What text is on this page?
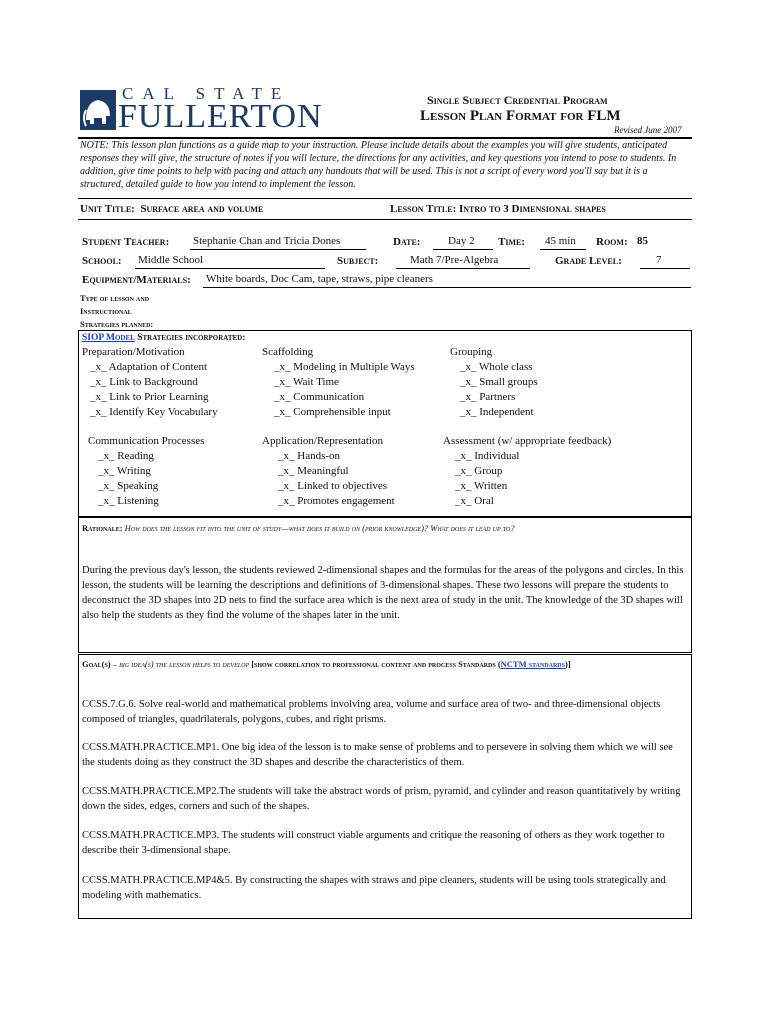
CAL STATE
FULLERTON	Single Subject Credential Program
Lesson Plan Format for FLM
Revised June 2007
NOTE: This lesson plan functions as a guide map to your instruction. Please include details about the examples you will give students, anticipated responses they will give, the structure of notes if you will lecture, the directions for any activities, and key questions you intend to pose to students. In addition, give time points to help with pacing and attach any handouts that will be used. This is not a script of every word you'll say but it is a structured, detailed guide to how you intend to implement the lesson.
Unit Title: Surface area and volume	Lesson Title: Intro to 3 Dimensional shapes
Student Teacher: Stephanie Chan and Tricia Dones	Date:	Day 2 Time: 45 min Room: 85
School: Middle School	Subject:	Math 7/Pre-Algebra	Grade Level:	7
Equipment/Materials: White boards, Doc Cam, tape, straws, pipe cleaners
Type of lesson and
Instructional
Strategies planned:
SIOP Model Strategies incorporated:
Preparation/Motivation
_x_ Adaptation of Content
_x_ Link to Background
_x_ Link to Prior Learning
_x_ Identify Key Vocabulary
Scaffolding
_x_ Modeling in Multiple Ways
_x_ Wait Time
_x_ Communication
_x_ Comprehensible input
Grouping
_x_ Whole class
_x_ Small groups
_x_ Partners
_x_ Independent
Communication Processes
_x_ Reading
_x_ Writing
_x_ Speaking
_x_ Listening
Application/Representation
_x_ Hands-on
_x_ Meaningful
_x_ Linked to objectives
_x_ Promotes engagement
Assessment (w/ appropriate feedback)
_x_ Individual
_x_ Group
_x_ Written
_x_ Oral
Rationale: How does the lesson fit into the unit of study—what does it build on (prior knowledge)? What does it lead up to?
During the previous day's lesson, the students reviewed 2-dimensional shapes and the formulas for the areas of the polygons and circles. In this lesson, the students will be learning the descriptions and definitions of 3-dimensional shapes. These two lessons will prepare the students to deconstruct the 3D shapes into 2D nets to find the surface area which is the next area of study in the unit. The knowledge of the 3D shapes will also help the students as they find the volume of the shapes later in the unit.
Goal(s) – big idea(s) the lesson helps to develop [show correlation to professional content and process Standards (NCTM standards)]
CCSS.7.G.6. Solve real-world and mathematical problems involving area, volume and surface area of two- and three-dimensional objects composed of triangles, quadrilaterals, polygons, cubes, and right prisms.
CCSS.MATH.PRACTICE.MP1. One big idea of the lesson is to make sense of problems and to persevere in solving them which we will see the students doing as they construct the 3D shapes and describe the characteristics of them.
CCSS.MATH.PRACTICE.MP2.The students will take the abstract words of prism, pyramid, and cylinder and reason quantitatively by writing down the sides, edges, corners and such of the shapes.
CCSS.MATH.PRACTICE.MP3. The students will construct viable arguments and critique the reasoning of others as they work together to describe their 3-dimensional shape.
CCSS.MATH.PRACTICE.MP4&5. By constructing the shapes with straws and pipe cleaners, students will be using tools strategically and modeling with mathematics.
